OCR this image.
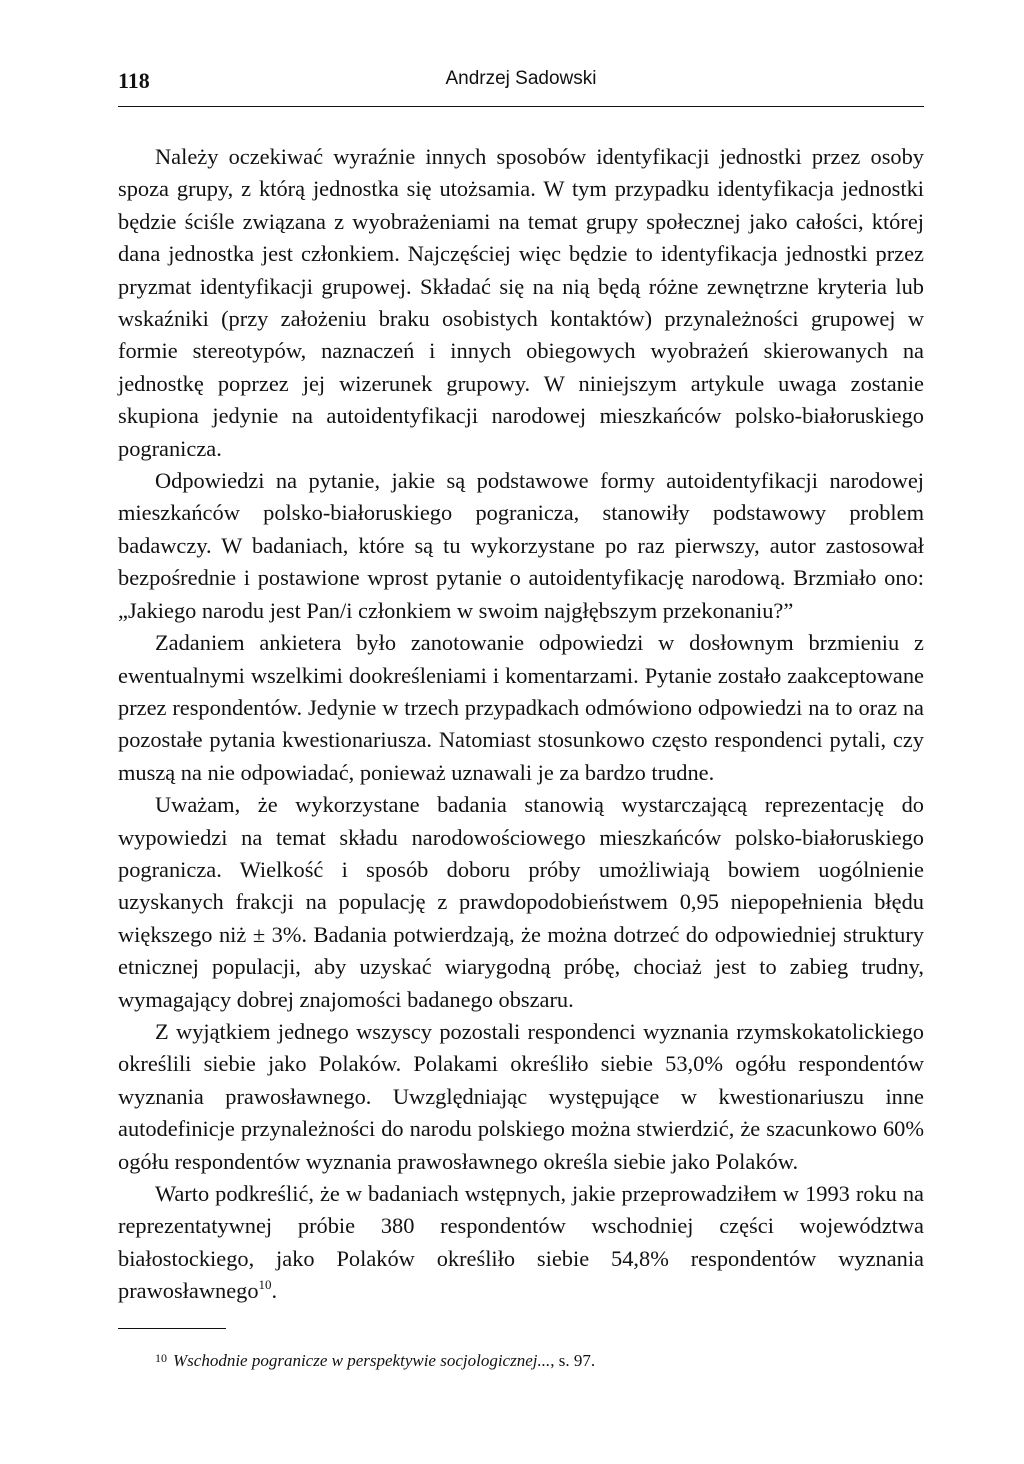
118	Andrzej Sadowski

Należy oczekiwać wyraźnie innych sposobów identyfikacji jednostki przez osoby spoza grupy, z którą jednostka się utożsamia. W tym przypadku identyfikacja jednostki będzie ściśle związana z wyobrażeniami na temat grupy społecznej jako całości, której dana jednostka jest członkiem. Najczęściej więc będzie to identyfikacja jednostki przez pryzmat identyfikacji grupowej. Składać się na nią będą różne zewnętrzne kryteria lub wskaźniki (przy założeniu braku osobistych kontaktów) przynależności grupowej w formie stereotypów, naznaczeń i innych obiegowych wyobrażeń skierowanych na jednostkę poprzez jej wizerunek grupowy. W niniejszym artykule uwaga zostanie skupiona jedynie na autoidentyfikacji narodowej mieszkańców polsko-białoruskiego pogranicza.

Odpowiedzi na pytanie, jakie są podstawowe formy autoidentyfikacji narodowej mieszkańców polsko-białoruskiego pogranicza, stanowiły podstawowy problem badawczy. W badaniach, które są tu wykorzystane po raz pierwszy, autor zastosował bezpośrednie i postawione wprost pytanie o autoidentyfikację narodową. Brzmiało ono: „Jakiego narodu jest Pan/i członkiem w swoim najgłębszym przekonaniu?”

Zadaniem ankietera było zanotowanie odpowiedzi w dosłownym brzmieniu z ewentualnymi wszelkimi dookreśleniami i komentarzami. Pytanie zostało zaakceptowane przez respondentów. Jedynie w trzech przypadkach odmówiono odpowiedzi na to oraz na pozostałe pytania kwestionariusza. Natomiast stosunkowo często respondenci pytali, czy muszą na nie odpowiadać, ponieważ uznawali je za bardzo trudne.

Uważam, że wykorzystane badania stanowią wystarczającą reprezentację do wypowiedzi na temat składu narodowościowego mieszkańców polsko-białoruskiego pogranicza. Wielkość i sposób doboru próby umożliwiają bowiem uogólnienie uzyskanych frakcji na populację z prawdopodobieństwem 0,95 niepopełnienia błędu większego niż ± 3%. Badania potwierdzają, że można dotrzeć do odpowiedniej struktury etnicznej populacji, aby uzyskać wiarygodną próbę, chociaż jest to zabieg trudny, wymagający dobrej znajomości badanego obszaru.

Z wyjątkiem jednego wszyscy pozostali respondenci wyznania rzymskokatolickiego określili siebie jako Polaków. Polakami określiło siebie 53,0% ogółu respondentów wyznania prawosławnego. Uwzględniając występujące w kwestionariuszu inne autodefinicje przynależności do narodu polskiego można stwierdzić, że szacunkowo 60% ogółu respondentów wyznania prawosławnego określa siebie jako Polaków.

Warto podkreślić, że w badaniach wstępnych, jakie przeprowadziłem w 1993 roku na reprezentatywnej próbie 380 respondentów wschodniej części województwa białostockiego, jako Polaków określiło siebie 54,8% respondentów wyznania prawosławnego$^{10}$.

$^{10}$ Wschodnie pogranicze w perspektywie socjologicznej..., s. 97.
